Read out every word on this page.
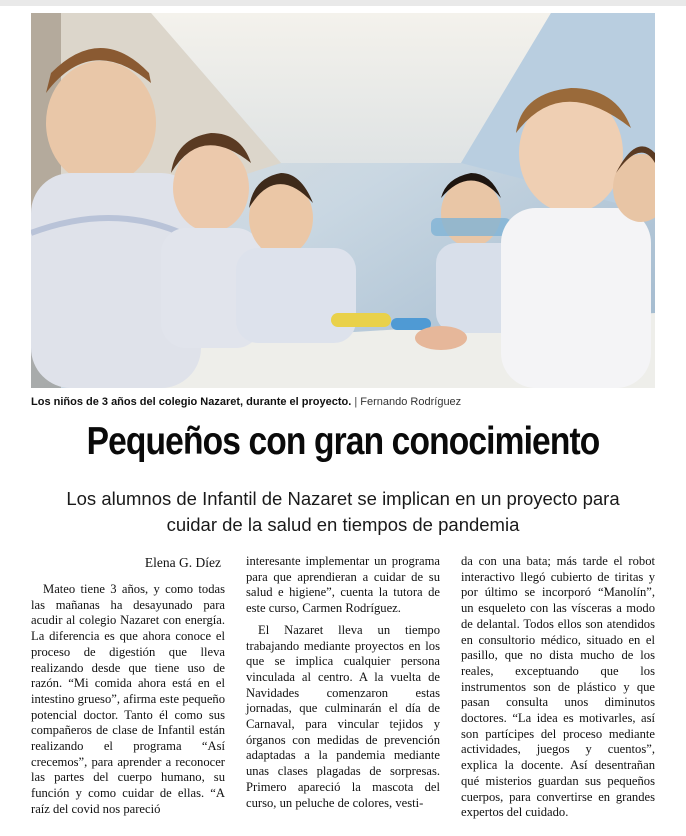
Los niños de 3 años del colegio Nazaret, durante el proyecto. | Fernando Rodríguez
Pequeños con gran conocimiento
Los alumnos de Infantil de Nazaret se implican en un proyecto para cuidar de la salud en tiempos de pandemia
Elena G. Díez

Mateo tiene 3 años, y como todas las mañanas ha desayunado para acudir al colegio Nazaret con energía. La diferencia es que ahora conoce el proceso de digestión que lleva realizando desde que tiene uso de razón. “Mi comida ahora está en el intestino grueso”, afirma este pequeño potencial doctor. Tanto él como sus compañeros de clase de Infantil están realizando el programa “Así crecemos”, para aprender a reconocer las partes del cuerpo humano, su función y como cuidar de ellas. “A raíz del covid nos pareció

interesante implementar un programa para que aprendieran a cuidar de su salud e higiene”, cuenta la tutora de este curso, Carmen Rodríguez.

El Nazaret lleva un tiempo trabajando mediante proyectos en los que se implica cualquier persona vinculada al centro. A la vuelta de Navidades comenzaron estas jornadas, que culminarán el día de Carnaval, para vincular tejidos y órganos con medidas de prevención adaptadas a la pandemia mediante unas clases plagadas de sorpresas. Primero apareció la mascota del curso, un peluche de colores, vesti-

da con una bata; más tarde el robot interactivo llegó cubierto de tiritas y por último se incorporó “Manolín”, un esqueleto con las vísceras a modo de delantal. Todos ellos son atendidos en consultorio médico, situado en el pasillo, que no dista mucho de los reales, exceptuando que los instrumentos son de plástico y que pasan consulta unos diminutos doctores. “La idea es motivarles, así son partícipes del proceso mediante actividades, juegos y cuentos”, explica la docente. Así desentrañan qué misterios guardan sus pequeños cuerpos, para convertirse en grandes expertos del cuidado.
